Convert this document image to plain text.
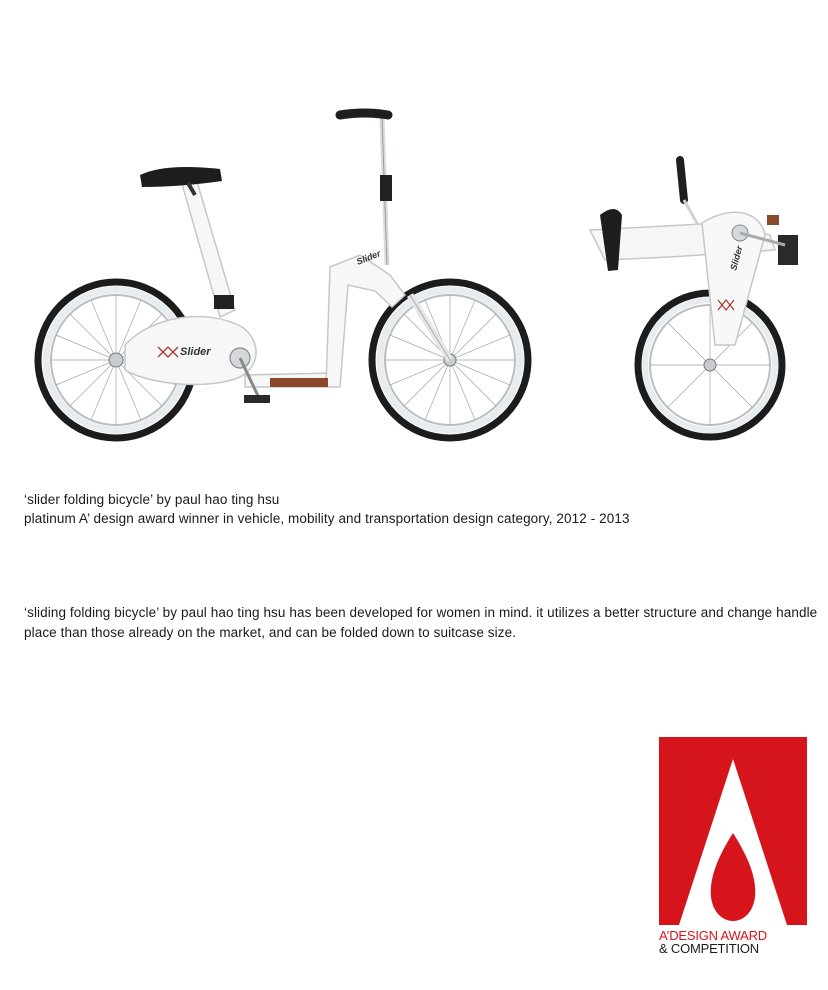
Slider
Slider	Slider
‘slider folding bicycle’ by paul hao ting hsu
platinum A’ design award winner in vehicle, mobility and transportation design category, 2012 - 2013
‘sliding folding bicycle’ by paul hao ting hsu has been developed for women in mind. it utilizes a better structure and change handle place than those already on the market, and can be folded down to suitcase size.
A’DESIGN AWARD
& COMPETITION
